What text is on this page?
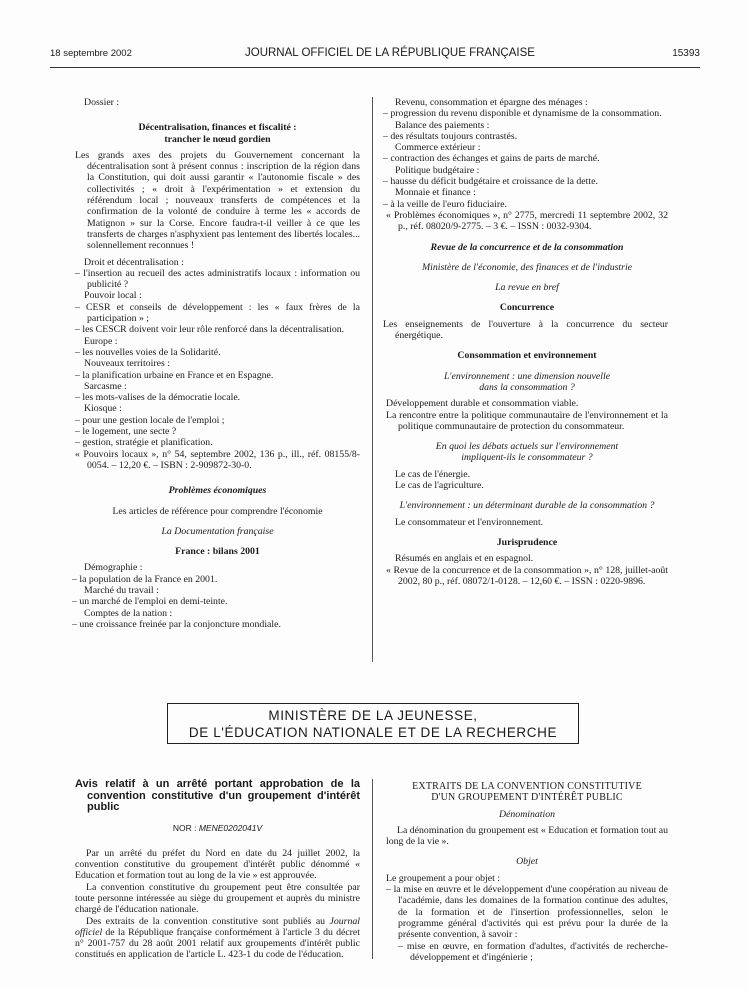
18 septembre 2002	JOURNAL OFFICIEL DE LA RÉPUBLIQUE FRANÇAISE	15393

Dossier :

Décentralisation, finances et fiscalité :

trancher le nœud gordien

Les grands axes des projets du Gouvernement concernant la décentralisation sont à présent connus : inscription de la région dans la Constitution, qui doit aussi garantir « l'autonomie fiscale » des collectivités ; « droit à l'expérimentation » et extension du référendum local ; nouveaux transferts de compétences et la confirmation de la volonté de conduire à terme les « accords de Matignon » sur la Corse. Encore faudra-t-il veiller à ce que les transferts de charges n'asphyxient pas lentement des libertés locales... solennellement reconnues !

Droit et décentralisation :

– l'insertion au recueil des actes administratifs locaux : information ou publicité ?

Pouvoir local :

– CESR et conseils de développement : les « faux frères de la participation » ;

– les CESCR doivent voir leur rôle renforcé dans la décentralisation.

Europe :

– les nouvelles voies de la Solidarité.

Nouveaux territoires :

– la planification urbaine en France et en Espagne.

Sarcasme :

– les mots-valises de la démocratie locale.

Kiosque :

– pour une gestion locale de l'emploi ;

– le logement, une secte ?

– gestion, stratégie et planification.

« Pouvoirs locaux », n° 54, septembre 2002, 136 p., ill., réf. 08155/8-0054. – 12,20 €. – ISBN : 2-909872-30-0.

Problèmes économiques

Les articles de référence pour comprendre l'économie

La Documentation française

France : bilans 2001

Démographie :

– la population de la France en 2001.

Marché du travail :

– un marché de l'emploi en demi-teinte.

Comptes de la nation :

– une croissance freinée par la conjoncture mondiale.

Revenu, consommation et épargne des ménages :

– progression du revenu disponible et dynamisme de la consommation.

Balance des paiements :

– des résultats toujours contrastés.

Commerce extérieur :

– contraction des échanges et gains de parts de marché.

Politique budgétaire :

– hausse du déficit budgétaire et croissance de la dette.

Monnaie et finance :

– à la veille de l'euro fiduciaire.

« Problèmes économiques », n° 2775, mercredi 11 septembre 2002, 32 p., réf. 08020/9-2775. – 3 €. – ISSN : 0032-9304.

Revue de la concurrence et de la consommation

Ministère de l'économie, des finances et de l'industrie

La revue en bref

Concurrence

Les enseignements de l'ouverture à la concurrence du secteur énergétique.

Consommation et environnement

L'environnement : une dimension nouvelle

dans la consommation ?

Développement durable et consommation viable.

La rencontre entre la politique communautaire de l'environnement et la politique communautaire de protection du consommateur.

En quoi les débats actuels sur l'environnement

impliquent-ils le consommateur ?

Le cas de l'énergie.

Le cas de l'agriculture.

L'environnement : un déterminant durable de la consommation ?

Le consommateur et l'environnement.

Jurisprudence

Résumés en anglais et en espagnol.

« Revue de la concurrence et de la consommation », n° 128, juillet-août 2002, 80 p., réf. 08072/1-0128. – 12,60 €. – ISSN : 0220-9896.

MINISTÈRE DE LA JEUNESSE,
DE L'ÉDUCATION NATIONALE ET DE LA RECHERCHE

Avis relatif à un arrêté portant approbation de la convention constitutive d'un groupement d'intérêt public

NOR : MENE0202041V

Par un arrêté du préfet du Nord en date du 24 juillet 2002, la convention constitutive du groupement d'intérêt public dénommé « Education et formation tout au long de la vie » est approuvée.

La convention constitutive du groupement peut être consultée par toute personne intéressée au siège du groupement et auprès du ministre chargé de l'éducation nationale.

Des extraits de la convention constitutive sont publiés au Journal officiel de la République française conformément à l'article 3 du décret n° 2001-757 du 28 août 2001 relatif aux groupements d'intérêt public constitués en application de l'article L. 423-1 du code de l'éducation.

EXTRAITS DE LA CONVENTION CONSTITUTIVE

D'UN GROUPEMENT D'INTÉRÊT PUBLIC

Dénomination

La dénomination du groupement est « Education et formation tout au long de la vie ».

Objet

Le groupement a pour objet :

– la mise en œuvre et le développement d'une coopération au niveau de l'académie, dans les domaines de la formation continue des adultes, de la formation et de l'insertion professionnelles, selon le programme général d'activités qui est prévu pour la durée de la présente convention, à savoir :

– mise en œuvre, en formation d'adultes, d'activités de recherche-développement et d'ingénierie ;
